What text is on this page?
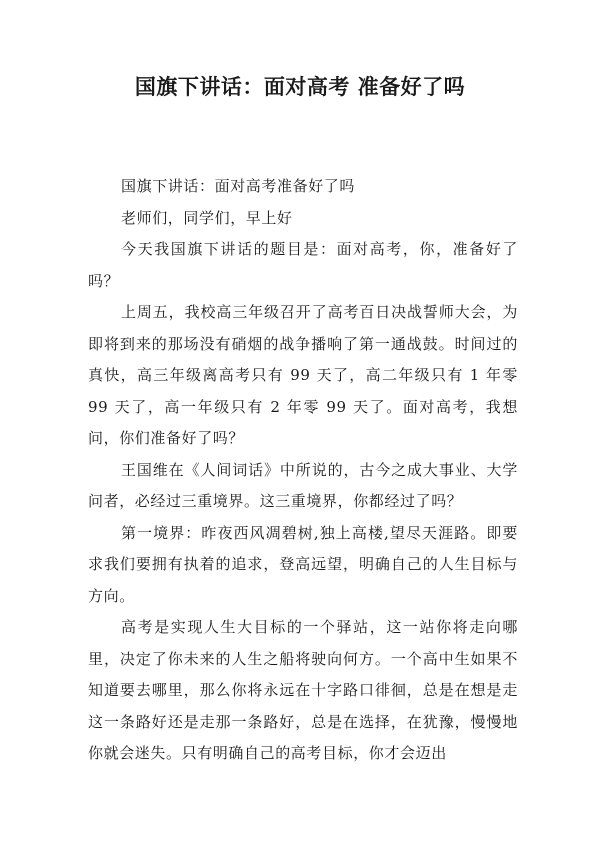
国旗下讲话：面对高考 准备好了吗

国旗下讲话：面对高考准备好了吗

老师们，同学们，早上好

今天我国旗下讲话的题目是：面对高考，你，准备好了吗？

上周五，我校高三年级召开了高考百日决战誓师大会，为即将到来的那场没有硝烟的战争播响了第一通战鼓。时间过的真快，高三年级离高考只有 99 天了，高二年级只有 1 年零 99 天了，高一年级只有 2 年零 99 天了。面对高考，我想问，你们准备好了吗？

王国维在《人间词话》中所说的，古今之成大事业、大学问者，必经过三重境界。这三重境界，你都经过了吗？

第一境界：昨夜西风凋碧树,独上高楼,望尽天涯路。即要求我们要拥有执着的追求，登高远望，明确自己的人生目标与方向。

高考是实现人生大目标的一个驿站，这一站你将走向哪里，决定了你未来的人生之船将驶向何方。一个高中生如果不知道要去哪里，那么你将永远在十字路口徘徊，总是在想是走这一条路好还是走那一条路好，总是在选择，在犹豫，慢慢地你就会迷失。只有明确自己的高考目标，你才会迈出
